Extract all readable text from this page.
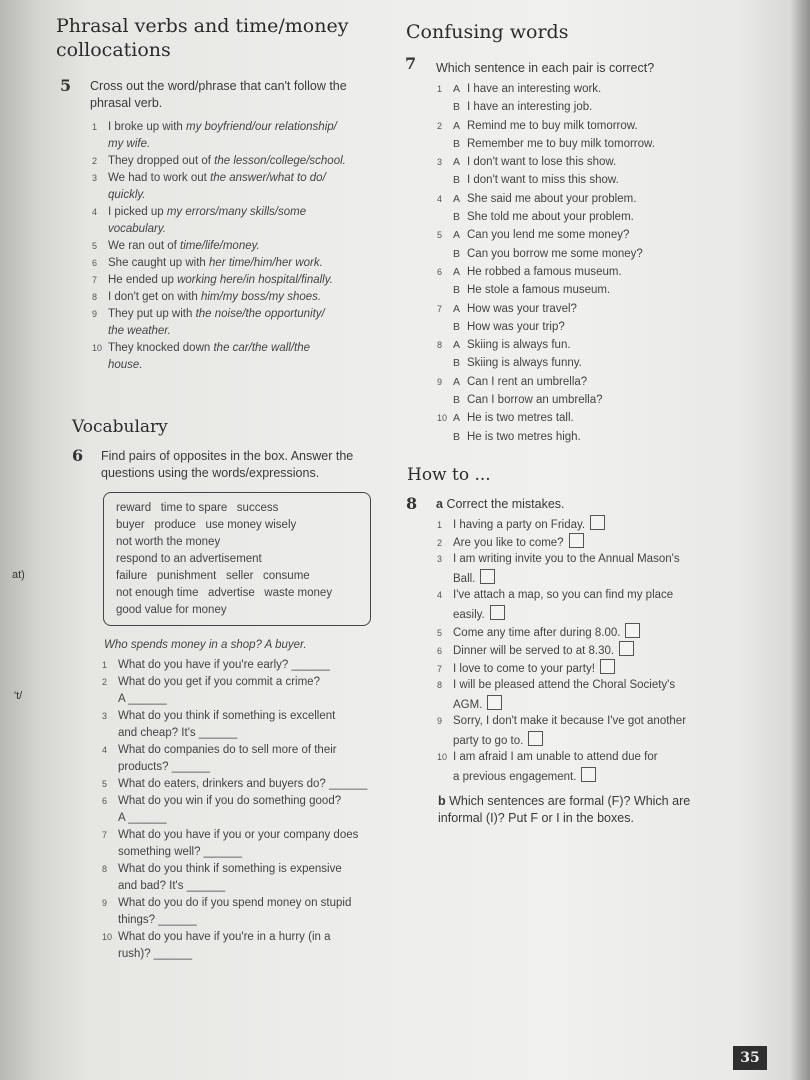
Phrasal verbs and time/money
collocations
5 Cross out the word/phrase that can't follow the
phrasal verb.
1 I broke up with my boyfriend/our relationship/
my wife.
2 They dropped out of the lesson/college/school.
3 We had to work out the answer/what to do/
quickly.
4 I picked up my errors/many skills/some
vocabulary.
5 We ran out of time/life/money.
6 She caught up with her time/him/her work.
7 He ended up working here/in hospital/finally.
8 I don't get on with him/my boss/my shoes.
9 They put up with the noise/the opportunity/
the weather.
10 They knocked down the car/the wall/the
house.
Vocabulary
6 Find pairs of opposites in the box. Answer the
questions using the words/expressions.
reward   time to spare   success
buyer   produce   use money wisely
not worth the money
respond to an advertisement
failure   punishment   seller   consume
not enough time   advertise   waste money
good value for money
Who spends money in a shop? A buyer.
1 What do you have if you're early? ______
2 What do you get if you commit a crime?
A ______
3 What do you think if something is excellent
and cheap? It's ______
4 What do companies do to sell more of their
products? ______
5 What do eaters, drinkers and buyers do? ______
6 What do you win if you do something good?
A ______
7 What do you have if you or your company does
something well? ______
8 What do you think if something is expensive
and bad? It's ______
9 What do you do if you spend money on stupid
things? ______
10 What do you have if you're in a hurry (in a
rush)? ______
at)
't/
Confusing words
7 Which sentence in each pair is correct?
1 A I have an interesting work.
B I have an interesting job.
2 A Remind me to buy milk tomorrow.
B Remember me to buy milk tomorrow.
3 A I don't want to lose this show.
B I don't want to miss this show.
4 A She said me about your problem.
B She told me about your problem.
5 A Can you lend me some money?
B Can you borrow me some money?
6 A He robbed a famous museum.
B He stole a famous museum.
7 A How was your travel?
B How was your trip?
8 A Skiing is always fun.
B Skiing is always funny.
9 A Can I rent an umbrella?
B Can I borrow an umbrella?
10 A He is two metres tall.
B He is two metres high.
How to ...
8 a Correct the mistakes.
1 I having a party on Friday.
2 Are you like to come?
3 I am writing invite you to the Annual Mason's
Ball.
4 I've attach a map, so you can find my place
easily.
5 Come any time after during 8.00.
6 Dinner will be served to at 8.30.
7 I love to come to your party!
8 I will be pleased attend the Choral Society's
AGM.
9 Sorry, I don't make it because I've got another
party to go to.
10 I am afraid I am unable to attend due for
a previous engagement.
b Which sentences are formal (F)? Which are
informal (I)? Put F or I in the boxes.
35
